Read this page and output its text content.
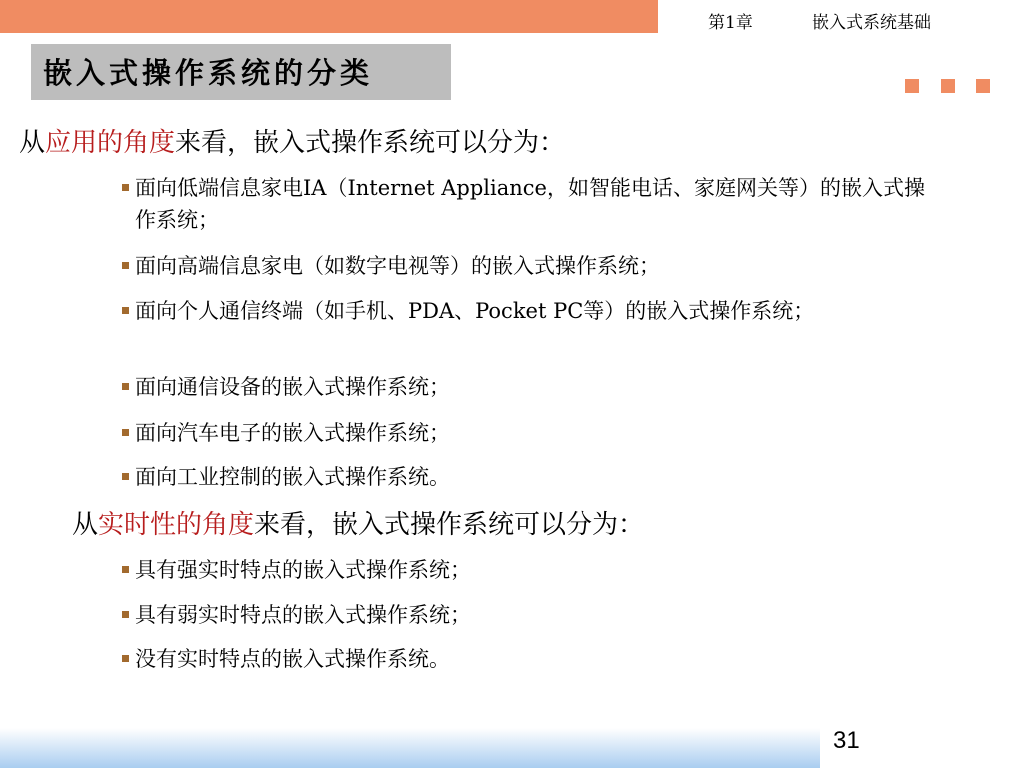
第1章	嵌入式系统基础
嵌入式操作系统的分类
从应用的角度来看，嵌入式操作系统可以分为：
面向低端信息家电IA（Internet Appliance，如智能电话、家庭网关等）的嵌入式操作系统；
面向高端信息家电（如数字电视等）的嵌入式操作系统；
面向个人通信终端（如手机、PDA、Pocket PC等）的嵌入式操作系统；
面向通信设备的嵌入式操作系统；
面向汽车电子的嵌入式操作系统；
面向工业控制的嵌入式操作系统。
从实时性的角度来看，嵌入式操作系统可以分为：
具有强实时特点的嵌入式操作系统；
具有弱实时特点的嵌入式操作系统；
没有实时特点的嵌入式操作系统。
31
